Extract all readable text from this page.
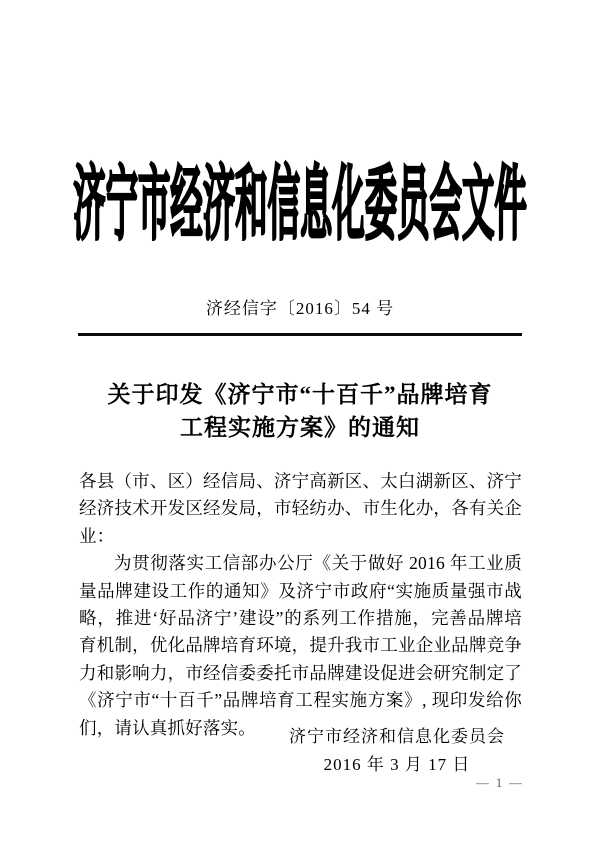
济宁市经济和信息化委员会文件
济经信字〔2016〕54 号
关于印发《济宁市“十百千”品牌培育
工程实施方案》的通知

各县（市、区）经信局、济宁高新区、太白湖新区、济宁经济技术开发区经发局，市轻纺办、市生化办，各有关企业：

为贯彻落实工信部办公厅《关于做好 2016 年工业质量品牌建设工作的通知》及济宁市政府“实施质量强市战略，推进‘好品济宁’建设”的系列工作措施，完善品牌培育机制，优化品牌培育环境，提升我市工业企业品牌竞争力和影响力，市经信委委托市品牌建设促进会研究制定了《济宁市“十百千”品牌培育工程实施方案》, 现印发给你们，请认真抓好落实。	济宁市经济和信息化委员会
2016 年 3 月 17 日
— 1 —
